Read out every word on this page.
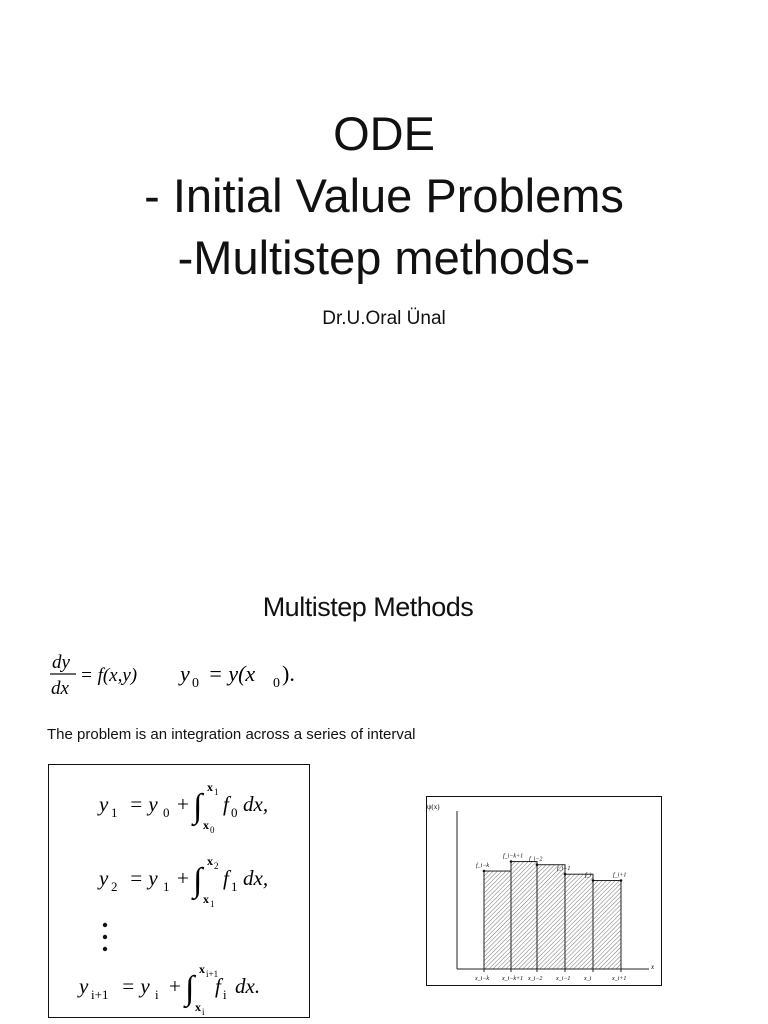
ODE
- Initial Value Problems
-Multistep methods-
Dr.U.Oral Ünal
Multistep Methods
dy
dx
= f(x,y) y 0 = y(x 0 ).
The problem is an integration across a series of interval
y 1 = y 0 + ∫
x 1
x 0
f 0 dx,
y 2 = y 1 + ∫
x 2
x 1
f 1 dx,
y i+1 = y i + ∫
x i+1
x i
f i dx.
ψ(x)
x
f_i−k
f_i−k+1
f_i−2
f_i−1
f_i	f_i+1
x_i−k x_i−k+1 x_i−2 x_i−1 x_i	x_i+1
